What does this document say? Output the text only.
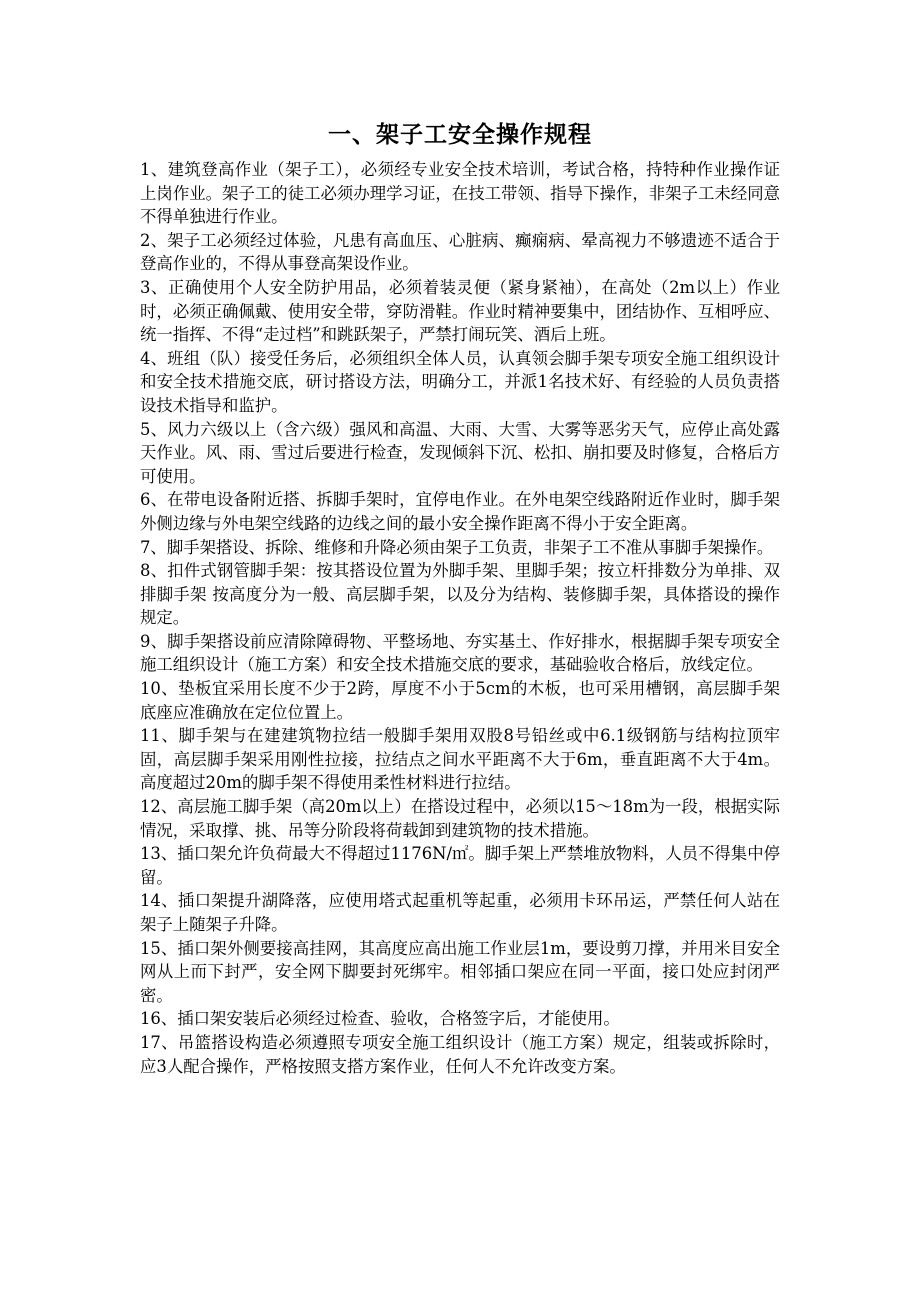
一、架子工安全操作规程
1、建筑登高作业（架子工），必须经专业安全技术培训，考试合格，持特种作业操作证上岗作业。架子工的徒工必须办理学习证，在技工带领、指导下操作，非架子工未经同意不得单独进行作业。
2、架子工必须经过体验，凡患有高血压、心脏病、癫痫病、晕高视力不够遗迹不适合于登高作业的，不得从事登高架设作业。
3、正确使用个人安全防护用品，必须着装灵便（紧身紧袖），在高处（2m以上）作业时，必须正确佩戴、使用安全带，穿防滑鞋。作业时精神要集中，团结协作、互相呼应、统一指挥、不得“走过档”和跳跃架子，严禁打闹玩笑、酒后上班。
4、班组（队）接受任务后，必须组织全体人员，认真领会脚手架专项安全施工组织设计和安全技术措施交底，研讨搭设方法，明确分工，并派1名技术好、有经验的人员负责搭设技术指导和监护。
5、风力六级以上（含六级）强风和高温、大雨、大雪、大雾等恶劣天气，应停止高处露天作业。风、雨、雪过后要进行检查，发现倾斜下沉、松扣、崩扣要及时修复，合格后方可使用。
6、在带电设备附近搭、拆脚手架时，宜停电作业。在外电架空线路附近作业时，脚手架外侧边缘与外电架空线路的边线之间的最小安全操作距离不得小于安全距离。
7、脚手架搭设、拆除、维修和升降必须由架子工负责，非架子工不准从事脚手架操作。
8、扣件式钢管脚手架：按其搭设位置为外脚手架、里脚手架；按立杆排数分为单排、双排脚手架 按高度分为一般、高层脚手架，以及分为结构、装修脚手架，具体搭设的操作规定。
9、脚手架搭设前应清除障碍物、平整场地、夯实基土、作好排水，根据脚手架专项安全施工组织设计（施工方案）和安全技术措施交底的要求，基础验收合格后，放线定位。
10、垫板宜采用长度不少于2跨，厚度不小于5cm的木板，也可采用槽钢，高层脚手架底座应准确放在定位位置上。
11、脚手架与在建建筑物拉结一般脚手架用双股8号铅丝或中6.1级钢筋与结构拉顶牢固，高层脚手架采用刚性拉接，拉结点之间水平距离不大于6m，垂直距离不大于4m。高度超过20m的脚手架不得使用柔性材料进行拉结。
12、高层施工脚手架（高20m以上）在搭设过程中，必须以15～18m为一段，根据实际情况，采取撑、挑、吊等分阶段将荷载卸到建筑物的技术措施。
13、插口架允许负荷最大不得超过1176N/㎡。脚手架上严禁堆放物料，人员不得集中停留。
14、插口架提升湖降落，应使用塔式起重机等起重，必须用卡环吊运，严禁任何人站在架子上随架子升降。
15、插口架外侧要接高挂网，其高度应高出施工作业层1m，要设剪刀撑，并用米目安全网从上而下封严，安全网下脚要封死绑牢。相邻插口架应在同一平面，接口处应封闭严密。
16、插口架安装后必须经过检查、验收，合格签字后，才能使用。
17、吊篮搭设构造必须遵照专项安全施工组织设计（施工方案）规定，组装或拆除时，应3人配合操作，严格按照支搭方案作业，任何人不允许改变方案。
